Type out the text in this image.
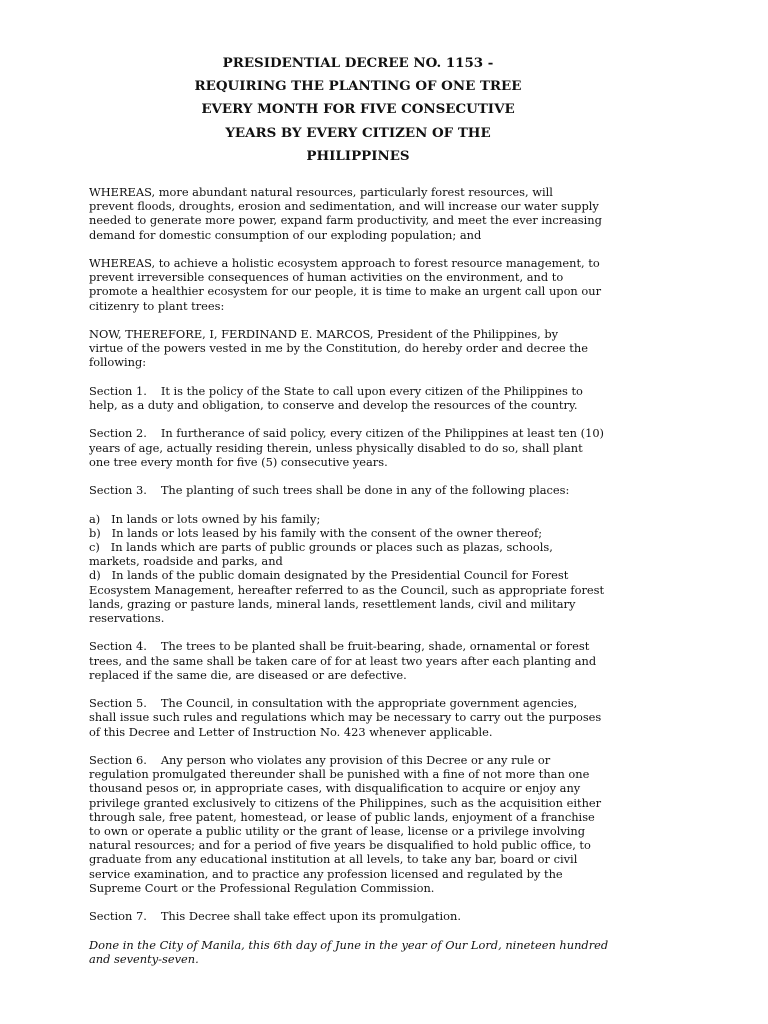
PRESIDENTIAL DECREE NO. 1153 -
REQUIRING THE PLANTING OF ONE TREE
EVERY MONTH FOR FIVE CONSECUTIVE
YEARS BY EVERY CITIZEN OF THE
PHILIPPINES
WHEREAS, more abundant natural resources, particularly forest resources, will
prevent floods, droughts, erosion and sedimentation, and will increase our water supply
needed to generate more power, expand farm productivity, and meet the ever increasing
demand for domestic consumption of our exploding population; and
WHEREAS, to achieve a holistic ecosystem approach to forest resource management, to
prevent irreversible consequences of human activities on the environment, and to
promote a healthier ecosystem for our people, it is time to make an urgent call upon our
citizenry to plant trees:
NOW, THEREFORE, I, FERDINAND E. MARCOS, President of the Philippines, by
virtue of the powers vested in me by the Constitution, do hereby order and decree the
following:
Section 1. It is the policy of the State to call upon every citizen of the Philippines to
help, as a duty and obligation, to conserve and develop the resources of the country.
Section 2. In furtherance of said policy, every citizen of the Philippines at least ten (10)
years of age, actually residing therein, unless physically disabled to do so, shall plant
one tree every month for five (5) consecutive years.
Section 3. The planting of such trees shall be done in any of the following places:
a) In lands or lots owned by his family;
b) In lands or lots leased by his family with the consent of the owner thereof;
c) In lands which are parts of public grounds or places such as plazas, schools,
markets, roadside and parks, and
d) In lands of the public domain designated by the Presidential Council for Forest
Ecosystem Management, hereafter referred to as the Council, such as appropriate forest
lands, grazing or pasture lands, mineral lands, resettlement lands, civil and military
reservations.
Section 4. The trees to be planted shall be fruit-bearing, shade, ornamental or forest
trees, and the same shall be taken care of for at least two years after each planting and
replaced if the same die, are diseased or are defective.
Section 5. The Council, in consultation with the appropriate government agencies,
shall issue such rules and regulations which may be necessary to carry out the purposes
of this Decree and Letter of Instruction No. 423 whenever applicable.
Section 6. Any person who violates any provision of this Decree or any rule or
regulation promulgated thereunder shall be punished with a fine of not more than one
thousand pesos or, in appropriate cases, with disqualification to acquire or enjoy any
privilege granted exclusively to citizens of the Philippines, such as the acquisition either
through sale, free patent, homestead, or lease of public lands, enjoyment of a franchise
to own or operate a public utility or the grant of lease, license or a privilege involving
natural resources; and for a period of five years be disqualified to hold public office, to
graduate from any educational institution at all levels, to take any bar, board or civil
service examination, and to practice any profession licensed and regulated by the
Supreme Court or the Professional Regulation Commission.
Section 7. This Decree shall take effect upon its promulgation.
Done in the City of Manila, this 6th day of June in the year of Our Lord, nineteen hundred
and seventy-seven.
